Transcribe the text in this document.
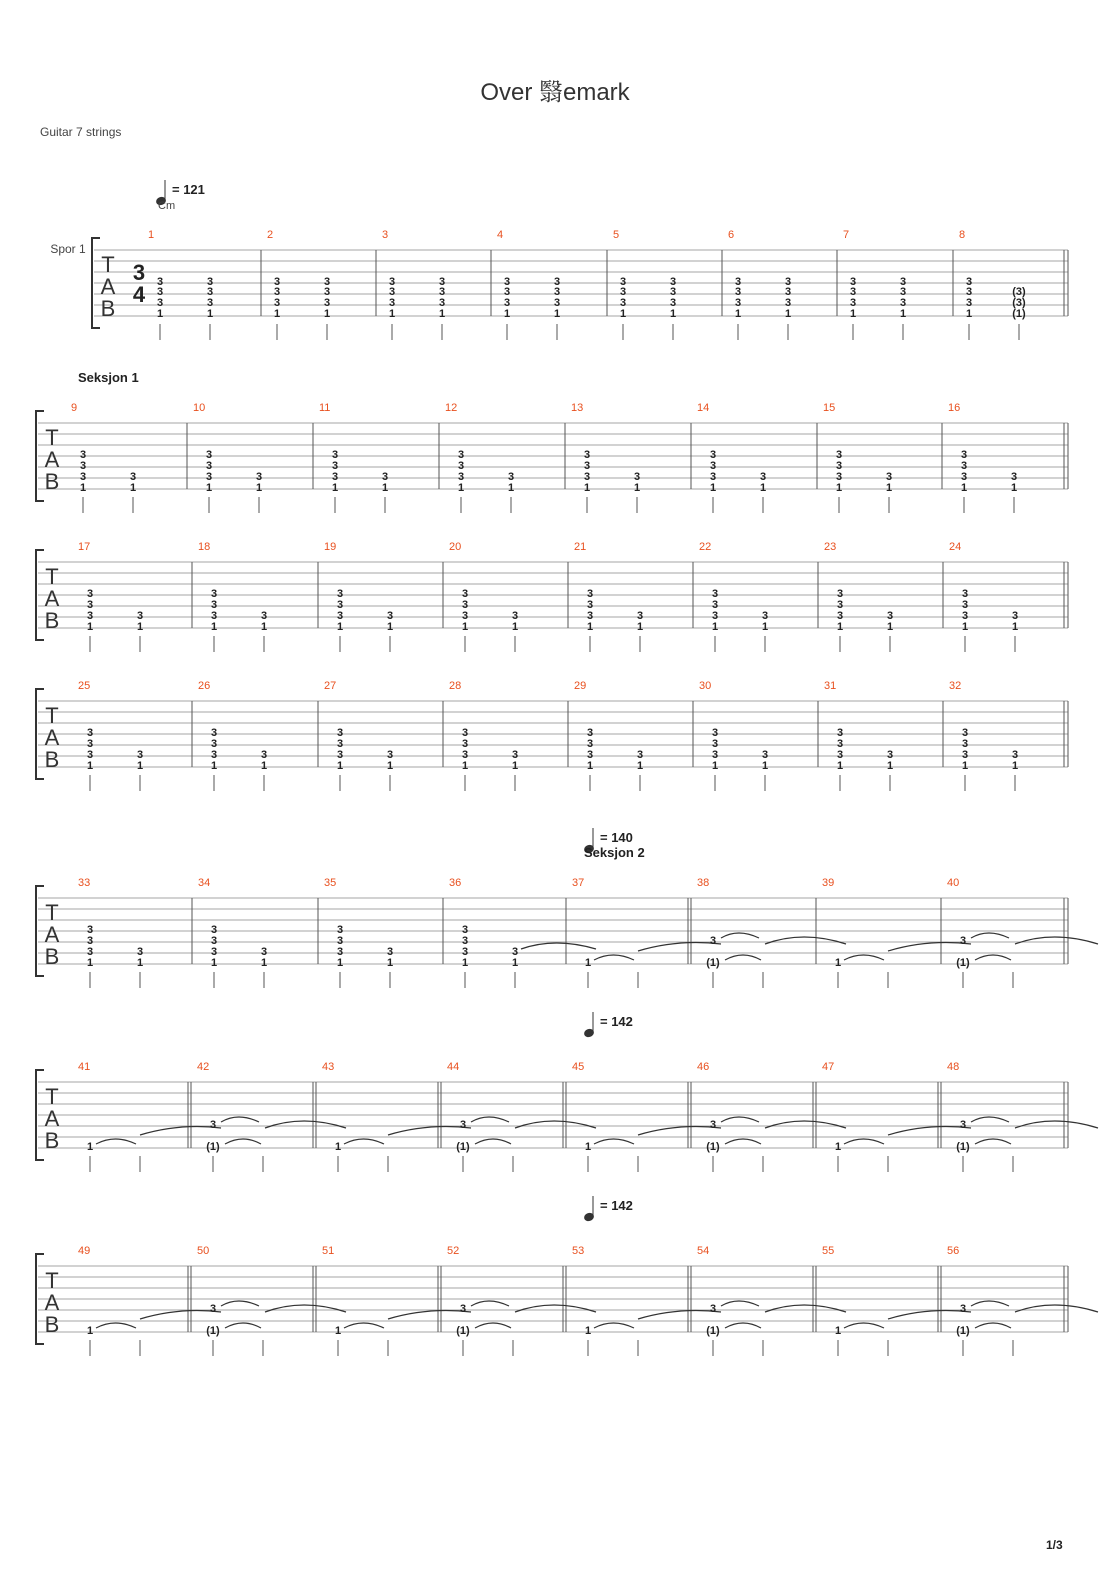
Over 翳emark
Guitar 7 strings
1/3
T
A
B
3
4
Spor 1
1
3	3
3	3
1	1
3	3
2
3	3
3	3
1	1
3	3
3
3	3
3	3
1	1
3	3
4
3	3
3	3
1	1
3	3
5
3	3
3	3
1	1
3	3
6
3	3
3	3
1	1
3	3
7
3	3
3	3
1	1
3	3
8
3	(3)
3	(3)
1	(1)
3
T
A
B
9
3
3
3
1
3
1
10
3
3
3
1
3
1
11
3
3
3
1
3
1
12
3
3
3
1
3
1
13
3
3
3
1
3
1
14
3
3
3
1
3
1
15
3
3
3
1
3
1
16
3
3
3
1
3
1
T
A
B
17
3
3
3
1
3
1
18
3
3
3
1
3
1
19
3
3
3
1
3
1
20
3
3
3
1
3
1
21
3
3
3
1
3
1
22
3
3
3
1
3
1
23
3
3
3
1
3
1
24
3
3
3
1
3
1
T
A
B
25
3
3
3
1
3
1
26
3
3
3
1
3
1
27
3
3
3
1
3
1
28
3
3
3
1
3
1
29
3
3
3
1
3
1
30
3
3
3
1
3
1
31
3
3
3
1
3
1
32
3
3
3
1
3
1
T
A
B
33
3
3
3
1
3
1
34
3
3
3
1
3
1
35
3
3
3
1
3
1
36
3
3
3
1
3
1
37
1
38
3
(1)
39
1
40
3
(1)
T
A
B
41
1
42
3
(1)
43
1
44
3
(1)
45
1
46
3
(1)
47
1
48
3
(1)
T
A
B
49
1
50
3
(1)
51
1
52
3
(1)
53
1
54
3
(1)
55
1
56
3
(1)
= 121
Cm
= 140
= 142
= 142
Seksjon 1
Seksjon 2
